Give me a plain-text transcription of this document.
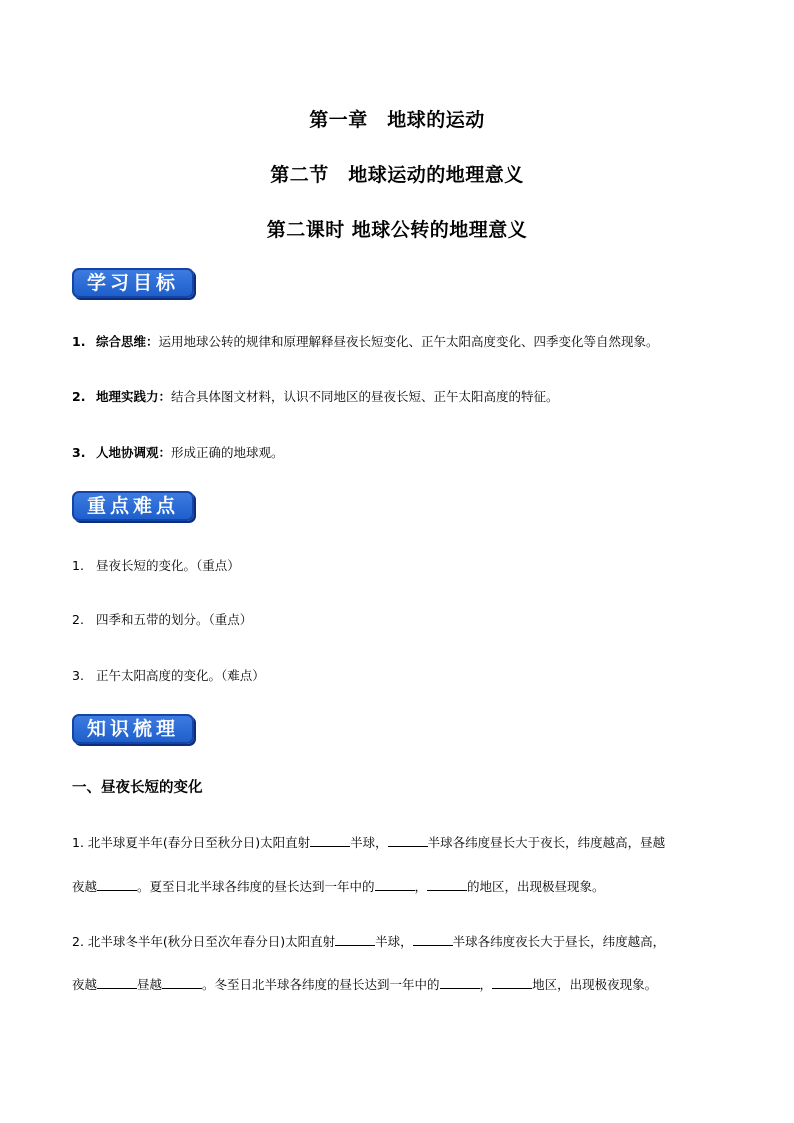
第一章　地球的运动
第二节　地球运动的地理意义
第二课时 地球公转的地理意义
学习目标
1. 综合思维：运用地球公转的规律和原理解释昼夜长短变化、正午太阳高度变化、四季变化等自然现象。
2. 地理实践力：结合具体图文材料，认识不同地区的昼夜长短、正午太阳高度的特征。
3. 人地协调观：形成正确的地球观。
重点难点
1. 昼夜长短的变化。（重点）
2. 四季和五带的划分。（重点）
3. 正午太阳高度的变化。（难点）
知识梳理
一、昼夜长短的变化
1. 北半球夏半年(春分日至秋分日)太阳直射	半球，	半球各纬度昼长大于夜长，纬度越高，昼越
夜越	。夏至日北半球各纬度的昼长达到一年中的	，	的地区，出现极昼现象。
2. 北半球冬半年(秋分日至次年春分日)太阳直射	半球，	半球各纬度夜长大于昼长，纬度越高，
夜越	昼越	。冬至日北半球各纬度的昼长达到一年中的	，	地区，出现极夜现象。
